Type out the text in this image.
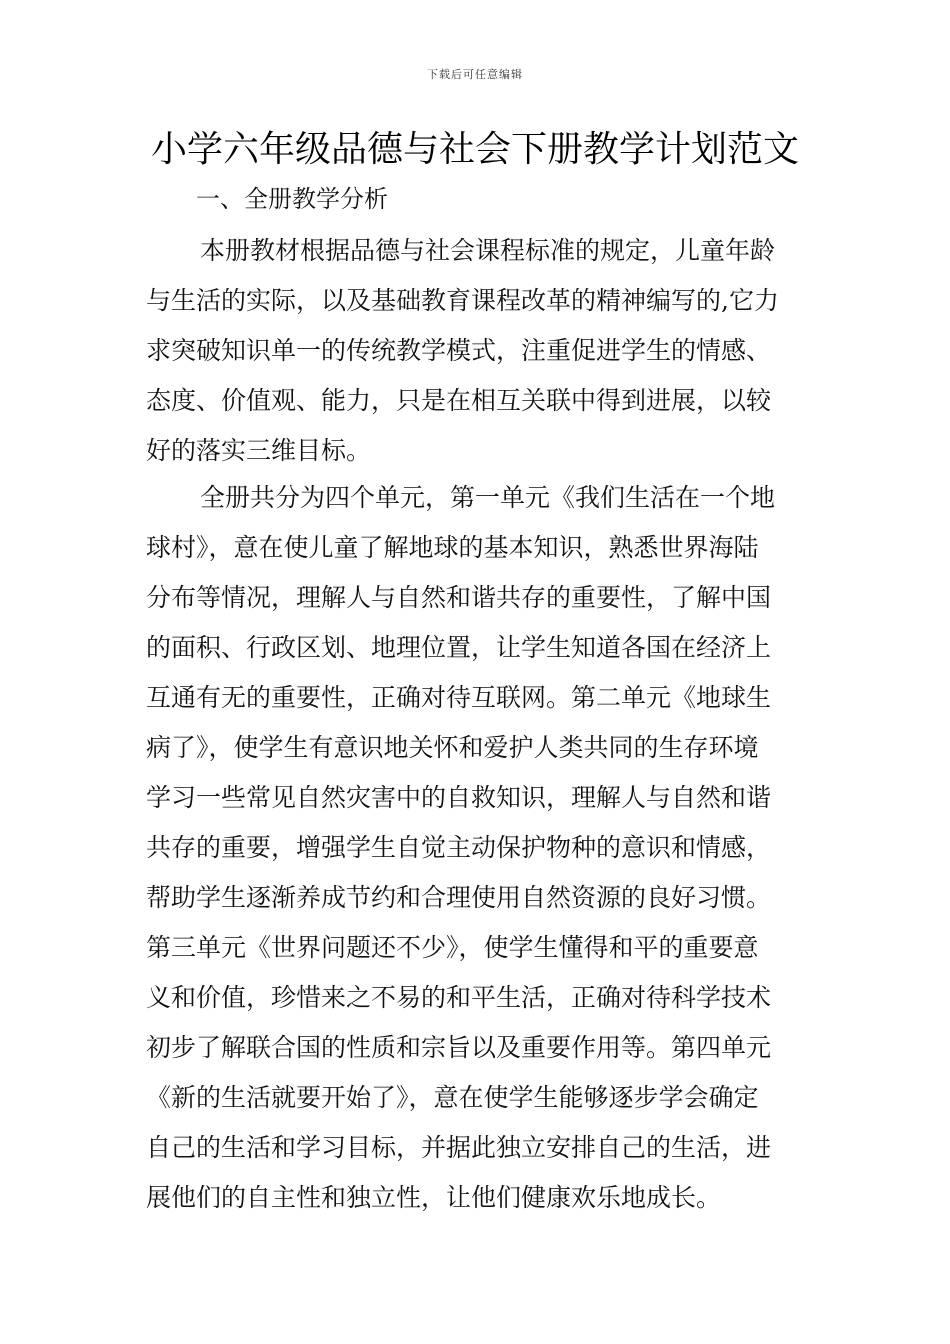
下载后可任意编辑
小学六年级品德与社会下册教学计划范文
一、全册教学分析
本册教材根据品德与社会课程标准的规定，儿童年龄
与生活的实际，以及基础教育课程改革的精神编写的,它力
求突破知识单一的传统教学模式，注重促进学生的情感、
态度、价值观、能力，只是在相互关联中得到进展，以较
好的落实三维目标。
全册共分为四个单元，第一单元《我们生活在一个地
球村》，意在使儿童了解地球的基本知识，熟悉世界海陆
分布等情况，理解人与自然和谐共存的重要性，了解中国
的面积、行政区划、地理位置，让学生知道各国在经济上
互通有无的重要性，正确对待互联网。第二单元《地球生
病了》，使学生有意识地关怀和爱护人类共同的生存环境
学习一些常见自然灾害中的自救知识，理解人与自然和谐
共存的重要，增强学生自觉主动保护物种的意识和情感，
帮助学生逐渐养成节约和合理使用自然资源的良好习惯。
第三单元《世界问题还不少》，使学生懂得和平的重要意
义和价值，珍惜来之不易的和平生活，正确对待科学技术
初步了解联合国的性质和宗旨以及重要作用等。第四单元
《新的生活就要开始了》，意在使学生能够逐步学会确定
自己的生活和学习目标，并据此独立安排自己的生活，进
展他们的自主性和独立性，让他们健康欢乐地成长。
